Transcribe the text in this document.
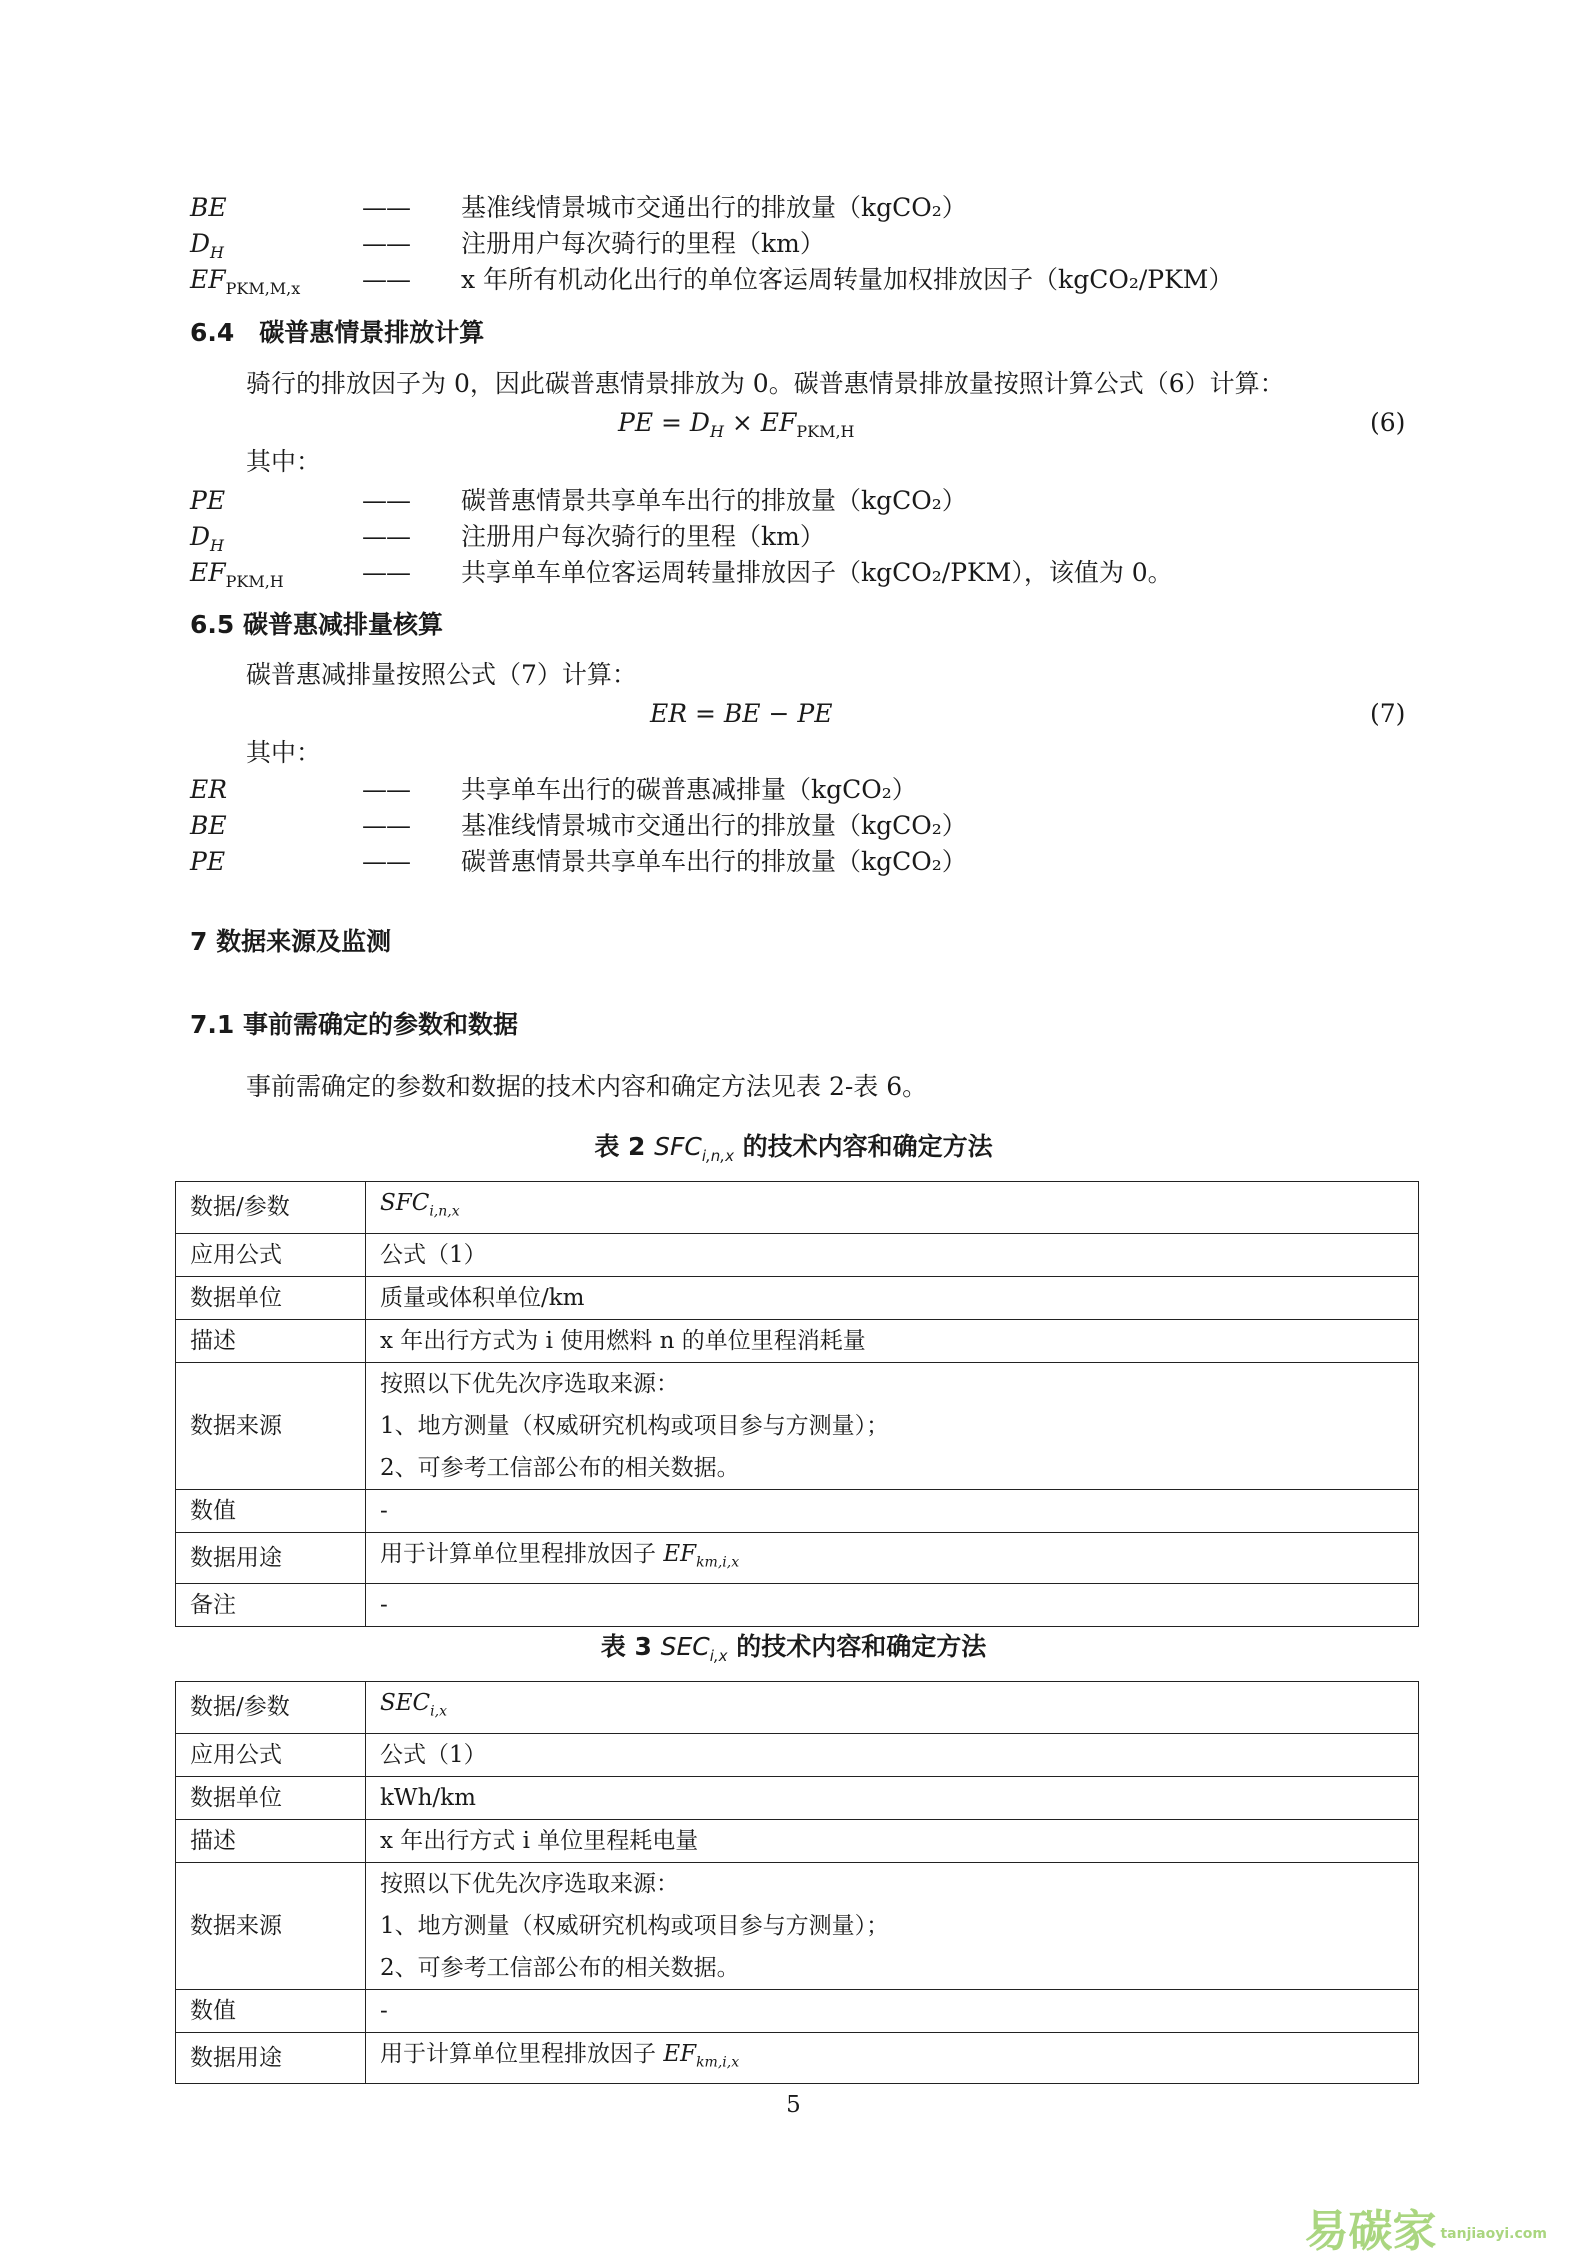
BE	—— 基准线情景城市交通出行的排放量（kgCO₂）
$D_H$	—— 注册用户每次骑行的里程（km）
$EF_{PKM,M,x}$ —— x 年所有机动化出行的单位客运周转量加权排放因子（kgCO₂/PKM）
6.4　碳普惠情景排放计算
骑行的排放因子为 0，因此碳普惠情景排放为 0。碳普惠情景排放量按照计算公式（6）计算：
PE = $D_H \times EF_{PKM,H}$	(6)
其中：
PE	—— 碳普惠情景共享单车出行的排放量（kgCO₂）
$D_H$	—— 注册用户每次骑行的里程（km）
$EF_{PKM,H}$	—— 共享单车单位客运周转量排放因子（kgCO₂/PKM），该值为 0。
6.5 碳普惠减排量核算
碳普惠减排量按照公式（7）计算：
ER = BE − PE	(7)
其中：
ER	—— 共享单车出行的碳普惠减排量（kgCO₂）
BE	—— 基准线情景城市交通出行的排放量（kgCO₂）
PE	—— 碳普惠情景共享单车出行的排放量（kgCO₂）
7 数据来源及监测
7.1 事前需确定的参数和数据
事前需确定的参数和数据的技术内容和确定方法见表 2-表 6。
表 2 $SFC_{i,n,x}$ 的技术内容和确定方法
数据/参数	$SFC_{i,n,x}$
应用公式	公式（1）
数据单位	质量或体积单位/km
描述	x 年出行方式为 i 使用燃料 n 的单位里程消耗量
数据来源	按照以下优先次序选取来源：
1、地方测量（权威研究机构或项目参与方测量）；
2、可参考工信部公布的相关数据。

数值	-
数据用途	用于计算单位里程排放因子 $EF_{km,i,x}$
备注	-
表 3 $SEC_{i,x}$ 的技术内容和确定方法
数据/参数	$SEC_{i,x}$
应用公式	公式（1）
数据单位	kWh/km
描述	x 年出行方式 i 单位里程耗电量
数据来源	按照以下优先次序选取来源：
1、地方测量（权威研究机构或项目参与方测量）；
2、可参考工信部公布的相关数据。

数值	-
数据用途	用于计算单位里程排放因子 $EF_{km,i,x}$
5
易碳家 tanjiaoyi.com
